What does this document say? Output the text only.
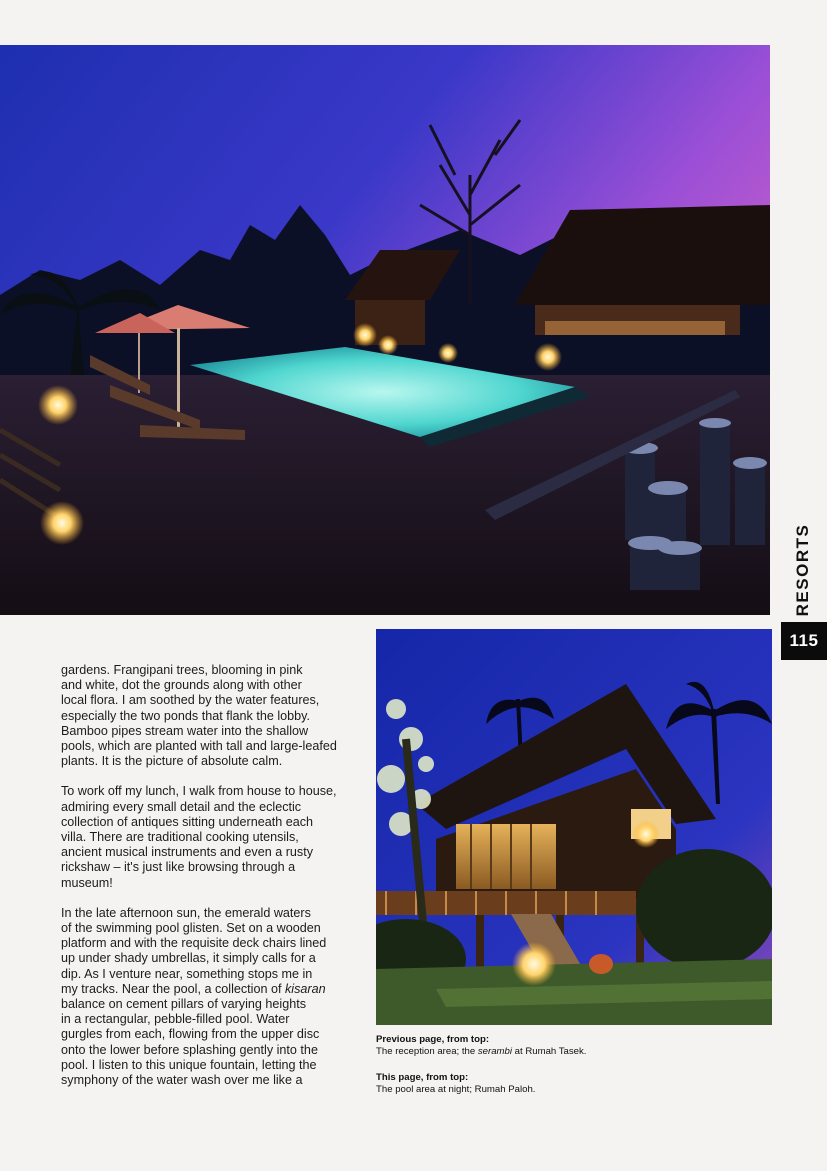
RESORTS
115

gardens. Frangipani trees, blooming in pink
and white, dot the grounds along with other
local flora. I am soothed by the water features,
especially the two ponds that flank the lobby.
Bamboo pipes stream water into the shallow
pools, which are planted with tall and large-leafed
plants. It is the picture of absolute calm.

To work off my lunch, I walk from house to house,
admiring every small detail and the eclectic
collection of antiques sitting underneath each
villa. There are traditional cooking utensils,
ancient musical instruments and even a rusty
rickshaw – it's just like browsing through a
museum!

In the late afternoon sun, the emerald waters
of the swimming pool glisten. Set on a wooden
platform and with the requisite deck chairs lined
up under shady umbrellas, it simply calls for a
dip. As I venture near, something stops me in
my tracks. Near the pool, a collection of kisaran
balance on cement pillars of varying heights
in a rectangular, pebble-filled pool. Water
gurgles from each, flowing from the upper disc
onto the lower before splashing gently into the
pool. I listen to this unique fountain, letting the
symphony of the water wash over me like a

Previous page, from top:
The reception area; the serambi at Rumah Tasek.
This page, from top:
The pool area at night; Rumah Paloh.
